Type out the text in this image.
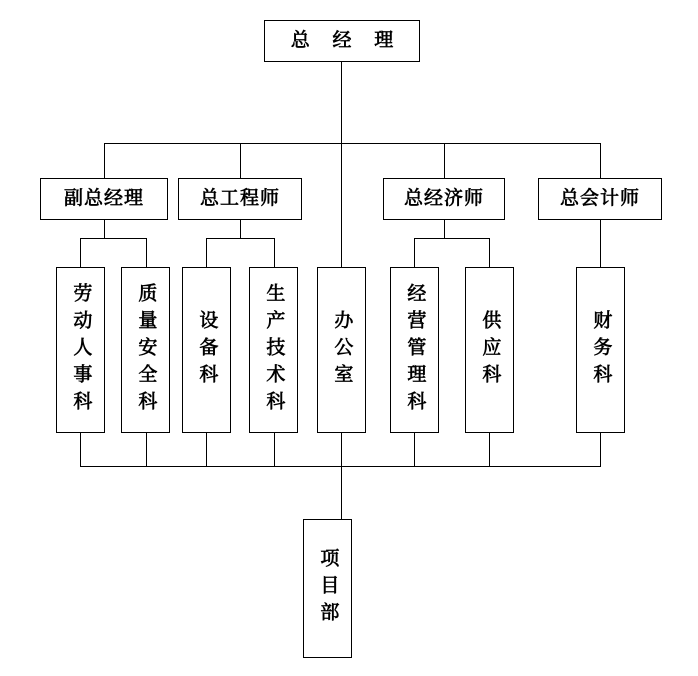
总 经 理
副总经理	总工程师	总经济师	总会计师
劳动人事科 质量安全科 设备科 生产技术科 办公室	经营管理科	供应科	财务科
项目部
